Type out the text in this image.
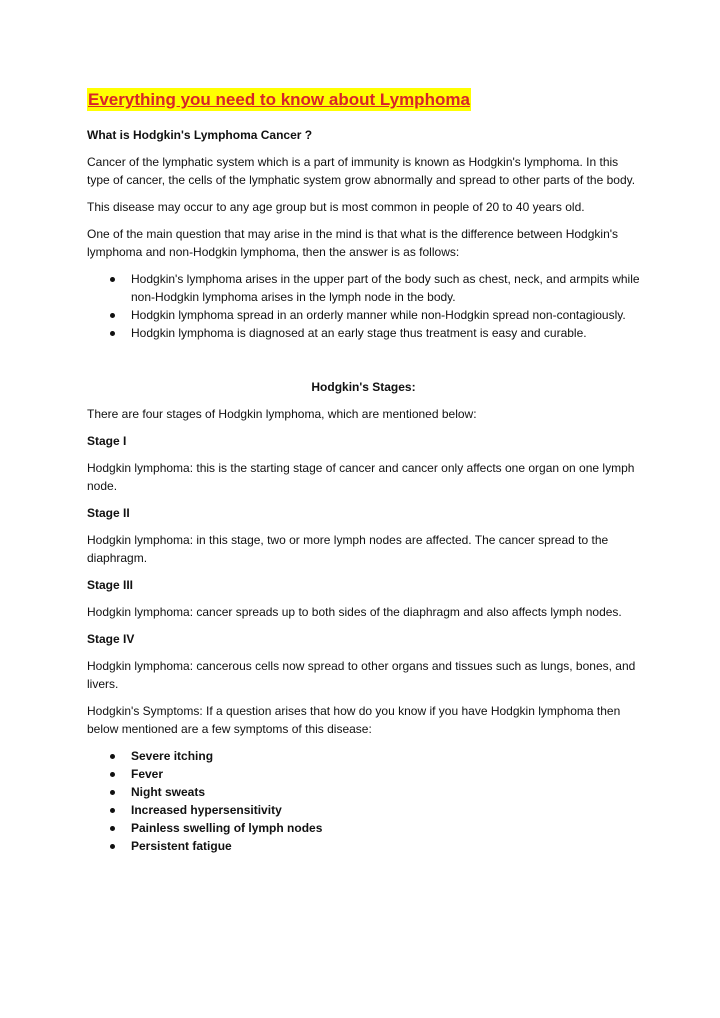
Everything you need to know about Lymphoma

What is Hodgkin's Lymphoma Cancer ?

Cancer of the lymphatic system which is a part of immunity is known as Hodgkin's lymphoma. In this type of cancer, the cells of the lymphatic system grow abnormally and spread to other parts of the body.

This disease may occur to any age group but is most common in people of 20 to 40 years old.

One of the main question that may arise in the mind is that what is the difference between Hodgkin's lymphoma and non-Hodgkin lymphoma, then the answer is as follows:

Hodgkin's lymphoma arises in the upper part of the body such as chest, neck, and armpits while non-Hodgkin lymphoma arises in the lymph node in the body.
Hodgkin lymphoma spread in an orderly manner while non-Hodgkin spread non-contagiously.
Hodgkin lymphoma is diagnosed at an early stage thus treatment is easy and curable.

Hodgkin's Stages:

There are four stages of Hodgkin lymphoma, which are mentioned below:

Stage I

Hodgkin lymphoma: this is the starting stage of cancer and cancer only affects one organ on one lymph node.

Stage II

Hodgkin lymphoma: in this stage, two or more lymph nodes are affected. The cancer spread to the diaphragm.

Stage III

Hodgkin lymphoma: cancer spreads up to both sides of the diaphragm and also affects lymph nodes.

Stage IV

Hodgkin lymphoma: cancerous cells now spread to other organs and tissues such as lungs, bones, and livers.

Hodgkin's Symptoms: If a question arises that how do you know if you have Hodgkin lymphoma then below mentioned are a few symptoms of this disease:

Severe itching
Fever
Night sweats
Increased hypersensitivity
Painless swelling of lymph nodes
Persistent fatigue
